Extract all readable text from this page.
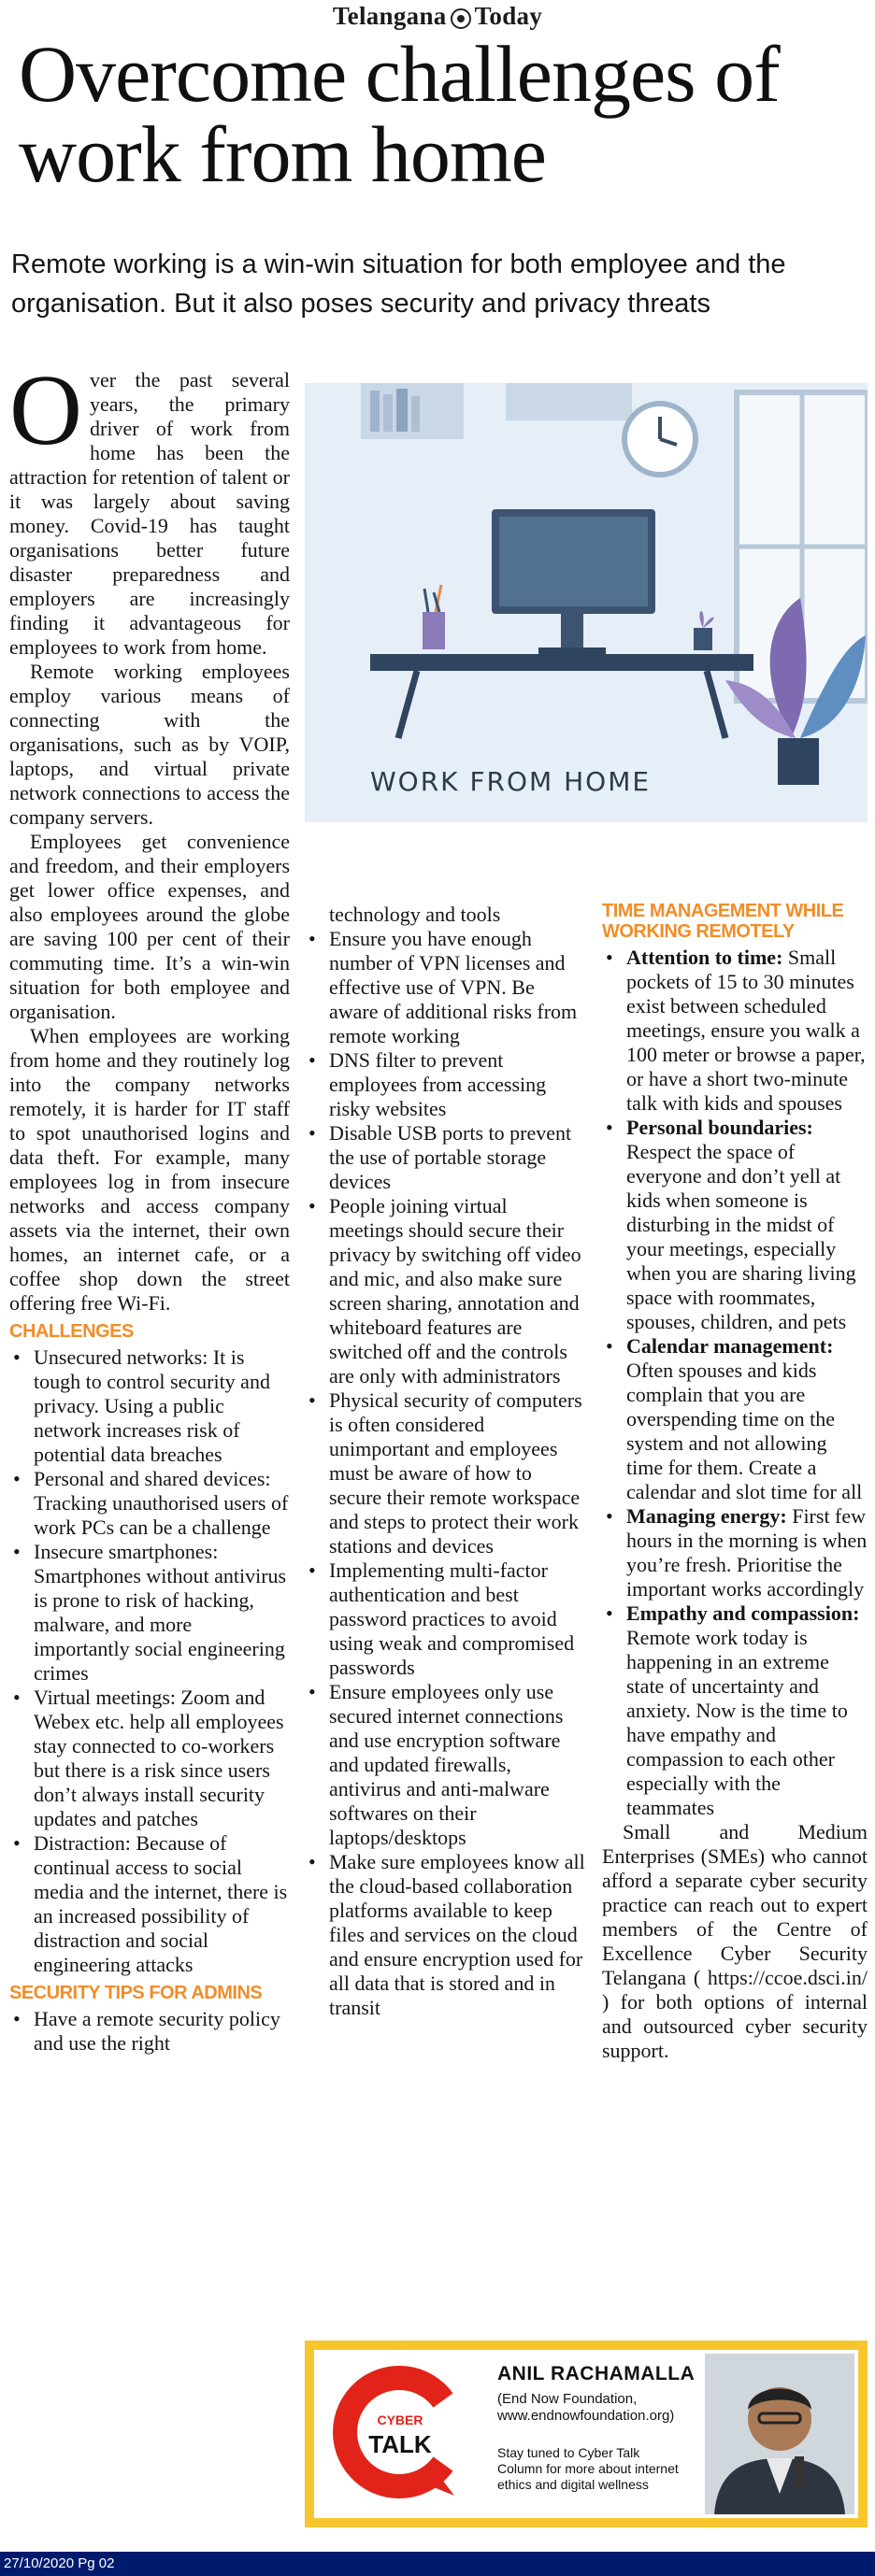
Telangana Today
Overcome challenges of work from home
Remote working is a win-win situation for both employee and the organisation. But it also poses security and privacy threats
WORK FROM HOME

Over the past several years, the primary driver of work from home has been the attraction for retention of talent or it was largely about saving money. Covid-19 has taught organisations better future disaster preparedness and employers are increasingly finding it advantageous for employees to work from home.

Remote working employees employ various means of connecting with the organisations, such as by VOIP, laptops, and virtual private network connections to access the company servers.

Employees get convenience and freedom, and their employers get lower office expenses, and also employees around the globe are saving 100 per cent of their commuting time. It’s a win-win situation for both employee and organisation.

When employees are working from home and they routinely log into the company networks remotely, it is harder for IT staff to spot unauthorised logins and data theft. For example, many employees log in from insecure networks and access company assets via the internet, their own homes, an internet cafe, or a coffee shop down the street offering free Wi-Fi.

CHALLENGES
• Unsecured networks: It is tough to control security and privacy. Using a public network increases risk of potential data breaches
• Personal and shared devices: Tracking unauthorised users of work PCs can be a challenge
• Insecure smartphones: Smartphones without antivirus is prone to risk of hacking, malware, and more importantly social engineering crimes
• Virtual meetings: Zoom and Webex etc. help all employees stay connected to co-workers but there is a risk since users don’t always install security updates and patches
• Distraction: Because of continual access to social media and the internet, there is an increased possibility of distraction and social engineering attacks
SECURITY TIPS FOR ADMINS
• Have a remote security policy and use the right

technology and tools

• Ensure you have enough number of VPN licenses and effective use of VPN. Be aware of additional risks from remote working
• DNS filter to prevent employees from accessing risky websites
• Disable USB ports to prevent the use of portable storage devices
• People joining virtual meetings should secure their privacy by switching off video and mic, and also make sure screen sharing, annotation and whiteboard features are switched off and the controls are only with administrators
• Physical security of computers is often considered unimportant and employees must be aware of how to secure their remote workspace and steps to protect their work stations and devices
• Implementing multi-factor authentication and best password practices to avoid using weak and compromised passwords
• Ensure employees only use secured internet connections and use encryption software and updated firewalls, antivirus and anti-malware softwares on their laptops/desktops
• Make sure employees know all the cloud-based collaboration platforms available to keep files and services on the cloud and ensure encryption used for all data that is stored and in transit
TIME MANAGEMENT WHILE WORKING REMOTELY
• Attention to time: Small pockets of 15 to 30 minutes exist between scheduled meetings, ensure you walk a 100 meter or browse a paper, or have a short two-minute talk with kids and spouses
• Personal boundaries: Respect the space of everyone and don’t yell at kids when someone is disturbing in the midst of your meetings, especially when you are sharing living space with roommates, spouses, children, and pets
• Calendar management: Often spouses and kids complain that you are overspending time on the system and not allowing time for them. Create a calendar and slot time for all
• Managing energy: First few hours in the morning is when you’re fresh. Prioritise the important works accordingly
• Empathy and compassion: Remote work today is happening in an extreme state of uncertainty and anxiety. Now is the time to have empathy and compassion to each other especially with the teammates

Small and Medium Enterprises (SMEs) who cannot afford a separate cyber security practice can reach out to expert members of the Centre of Excellence Cyber Security Telangana ( https://ccoe.dsci.in/ ) for both options of internal and outsourced cyber security support.

CYBER
TALK
ANIL RACHAMALLA
(End Now Foundation,
www.endnowfoundation.org)
Stay tuned to Cyber Talk Column for more about internet ethics and digital wellness
27/10/2020 Pg 02
